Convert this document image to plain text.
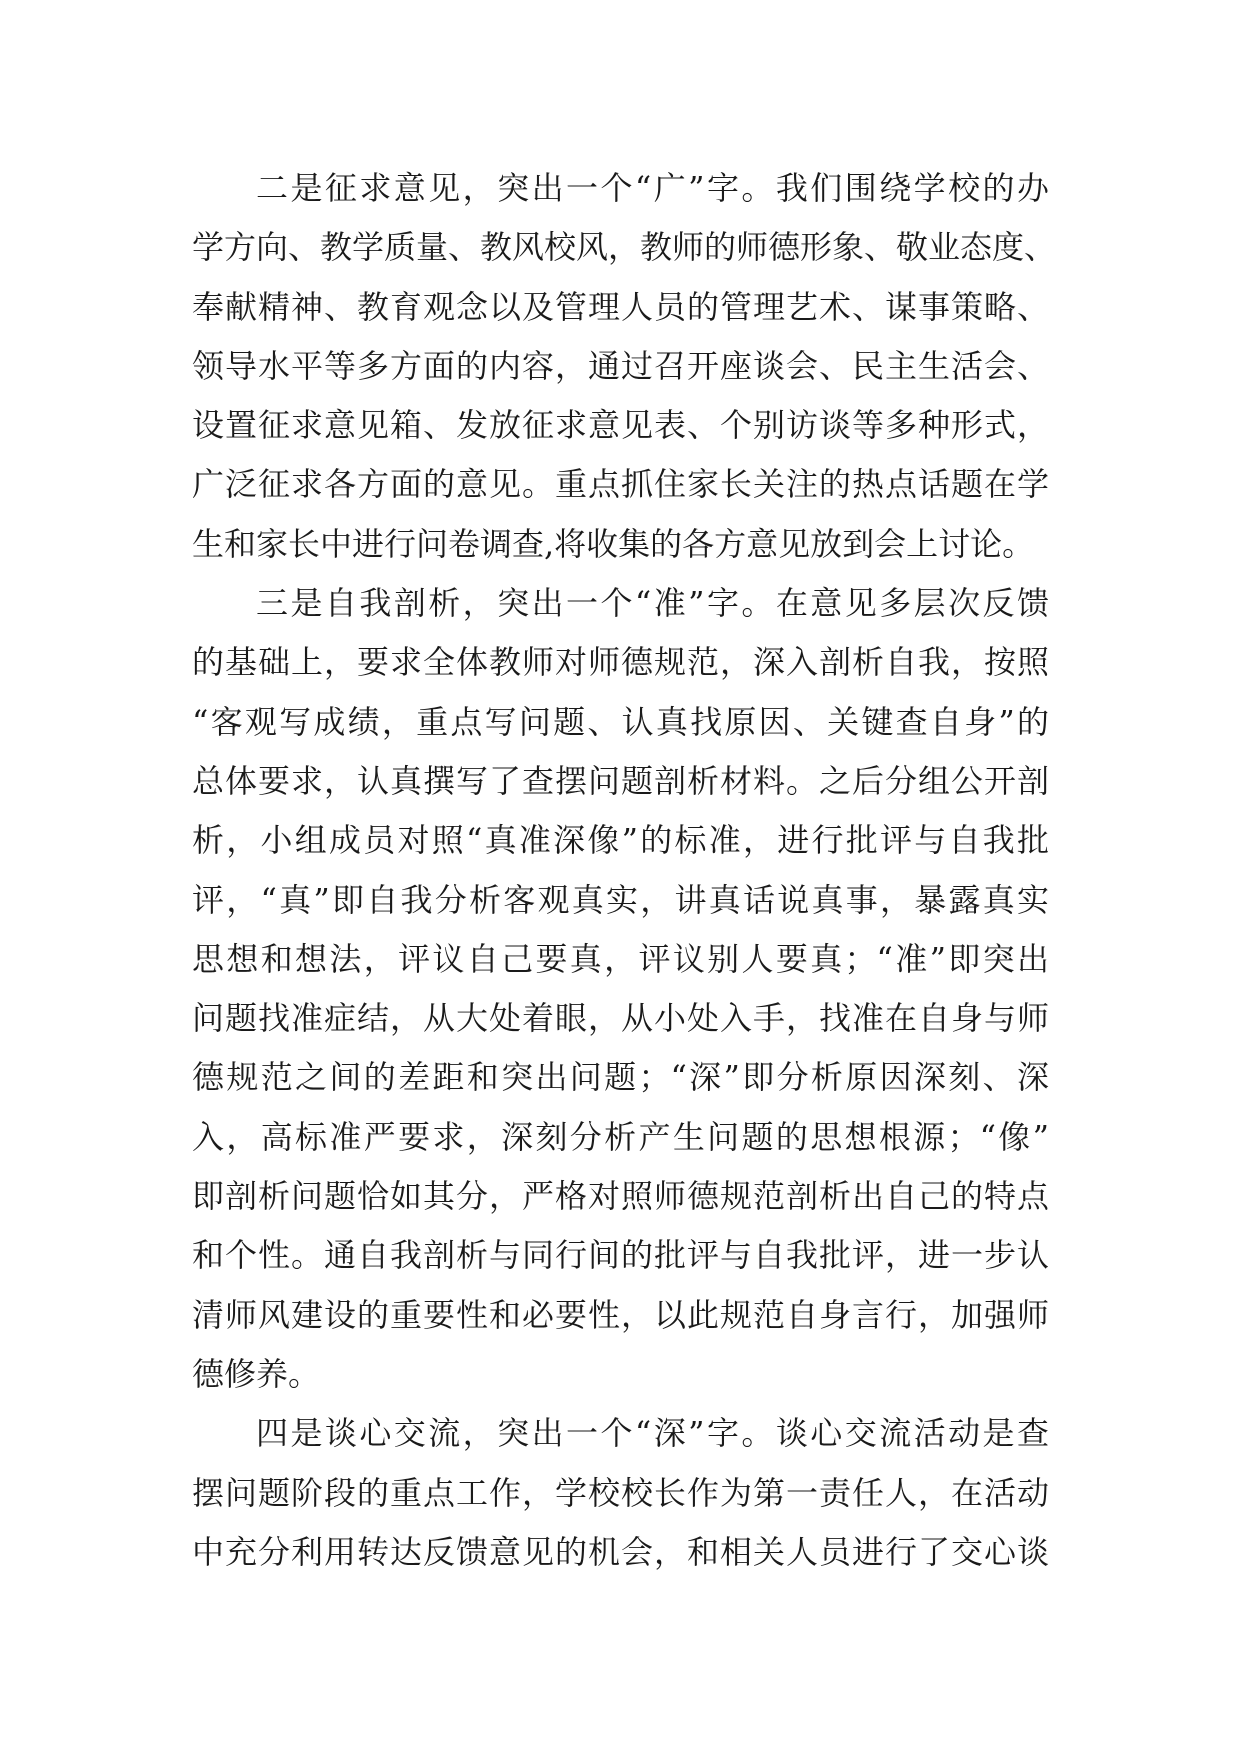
二是征求意见，突出一个“广”字。我们围绕学校的办
学方向、教学质量、教风校风，教师的师德形象、敬业态度、
奉献精神、教育观念以及管理人员的管理艺术、谋事策略、
领导水平等多方面的内容，通过召开座谈会、民主生活会、
设置征求意见箱、发放征求意见表、个别访谈等多种形式，
广泛征求各方面的意见。重点抓住家长关注的热点话题在学
生和家长中进行问卷调查,将收集的各方意见放到会上讨论。
三是自我剖析，突出一个“准”字。在意见多层次反馈
的基础上，要求全体教师对师德规范，深入剖析自我，按照
“客观写成绩，重点写问题、认真找原因、关键查自身”的
总体要求，认真撰写了查摆问题剖析材料。之后分组公开剖
析，小组成员对照“真准深像”的标准，进行批评与自我批
评，“真”即自我分析客观真实，讲真话说真事，暴露真实
思想和想法，评议自己要真，评议别人要真；“准”即突出
问题找准症结，从大处着眼，从小处入手，找准在自身与师
德规范之间的差距和突出问题；“深”即分析原因深刻、深
入，高标准严要求，深刻分析产生问题的思想根源；“像”
即剖析问题恰如其分，严格对照师德规范剖析出自己的特点
和个性。通自我剖析与同行间的批评与自我批评，进一步认
清师风建设的重要性和必要性，以此规范自身言行，加强师
德修养。
四是谈心交流，突出一个“深”字。谈心交流活动是查
摆问题阶段的重点工作，学校校长作为第一责任人，在活动
中充分利用转达反馈意见的机会，和相关人员进行了交心谈
